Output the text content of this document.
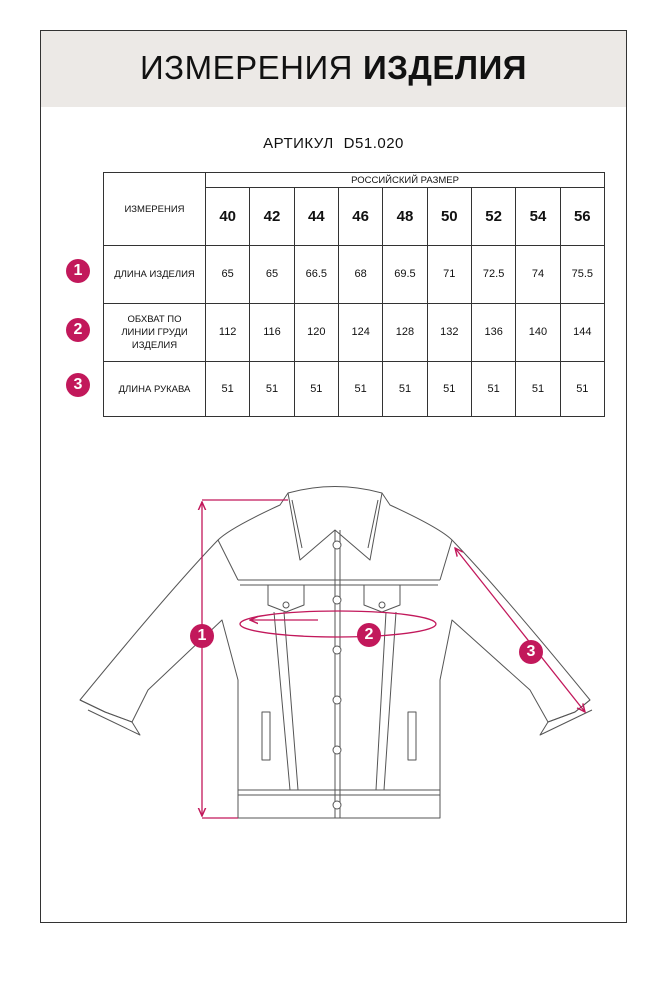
ИЗМЕРЕНИЯ ИЗДЕЛИЯ
АРТИКУЛ D51.020
ИЗМЕРЕНИЯ	РОССИЙСКИЙ РАЗМЕР								
	40	42	44	46	48	50	52	54	56
ДЛИНА ИЗДЕЛИЯ	65	65	66.5	68	69.5	71	72.5	74	75.5

ОБХВАТ ПО
ЛИНИИ ГРУДИ
ИЗДЕЛИЯ	112	116	120	124	128	132	136	140	144
ДЛИНА РУКАВА	51	51	51	51	51	51	51	51	51
1
2
3
1	2
3
